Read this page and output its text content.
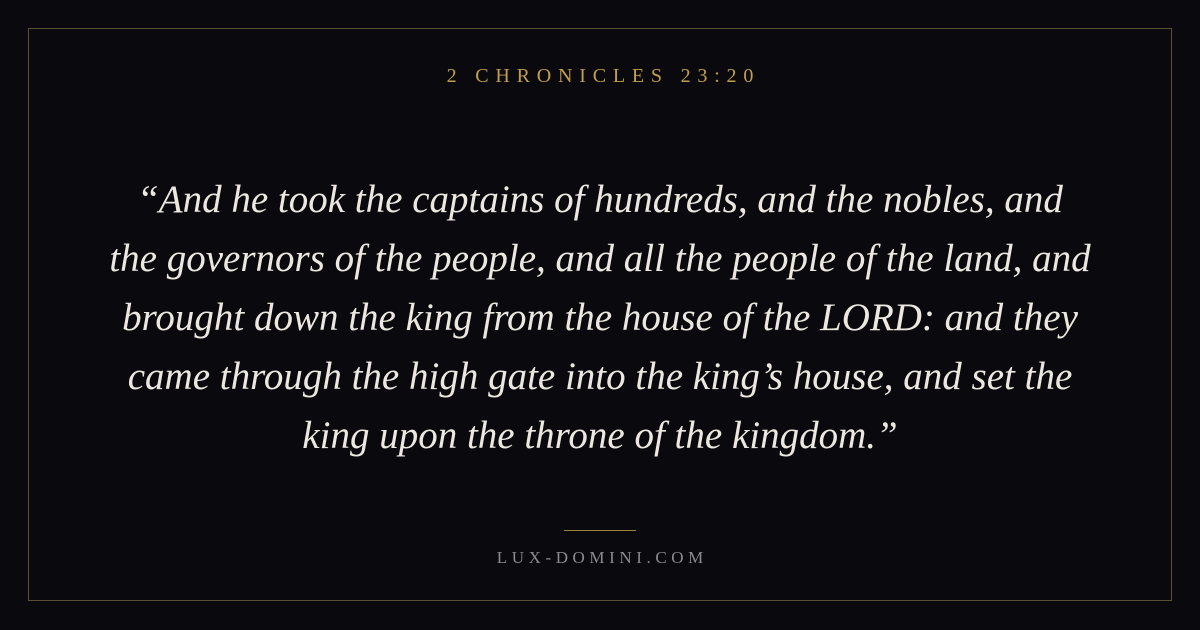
2 CHRONICLES 23:20
“And he took the captains of hundreds, and the nobles, and
the governors of the people, and all the people of the land, and
brought down the king from the house of the LORD: and they
came through the high gate into the king’s house, and set the
king upon the throne of the kingdom.”
LUX-DOMINI.COM
